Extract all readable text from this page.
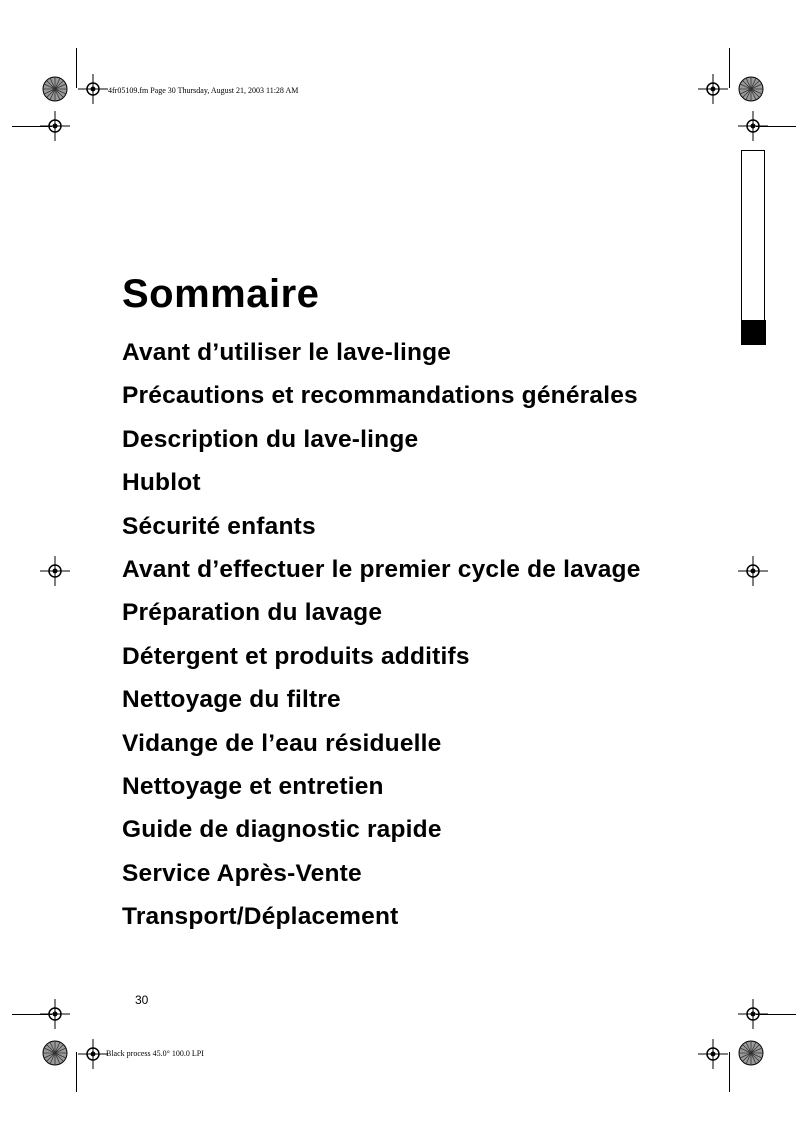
4fr05109.fm Page 30 Thursday, August 21, 2003 11:28 AM
Black process 45.0° 100.0 LPI
Sommaire
Avant d’utiliser le lave-linge
Précautions et recommandations générales
Description du lave-linge
Hublot
Sécurité enfants
Avant d’effectuer le premier cycle de lavage
Préparation du lavage
Détergent et produits additifs
Nettoyage du filtre
Vidange de l’eau résiduelle
Nettoyage et entretien
Guide de diagnostic rapide
Service Après-Vente
Transport/Déplacement
30
